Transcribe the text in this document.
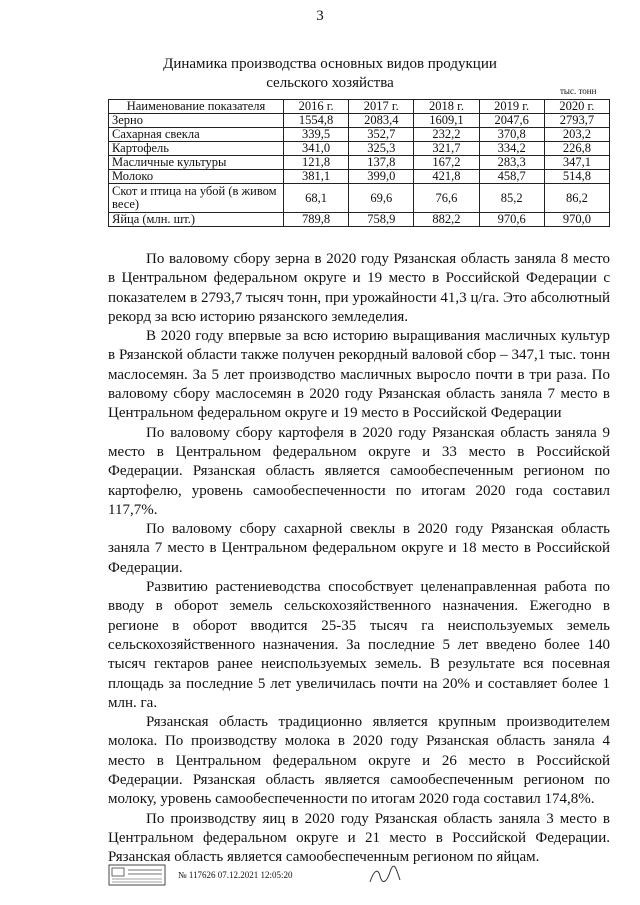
3
Динамика производства основных видов продукции
сельского хозяйства	тыс. тонн
Наименование показателя	2016 г.	2017 г.	2018 г.	2019 г.	2020 г.
Зерно	1554,8	2083,4	1609,1	2047,6	2793,7
Сахарная свекла	339,5	352,7	232,2	370,8	203,2
Картофель	341,0	325,3	321,7	334,2	226,8
Масличные культуры	121,8	137,8	167,2	283,3	347,1
Молоко	381,1	399,0	421,8	458,7	514,8
Скот и птица на убой (в живом весе)	68,1	69,6	76,6	85,2	86,2
Яйца (млн. шт.)	789,8	758,9	882,2	970,6	970,0

По валовому сбору зерна в 2020 году Рязанская область заняла 8 место в Центральном федеральном округе и 19 место в Российской Федерации с показателем в 2793,7 тысяч тонн, при урожайности 41,3 ц/га. Это абсолютный рекорд за всю историю рязанского земледелия.

В 2020 году впервые за всю историю выращивания масличных культур в Рязанской области также получен рекордный валовой сбор – 347,1 тыс. тонн маслосемян. За 5 лет производство масличных выросло почти в три раза. По валовому сбору маслосемян в 2020 году Рязанская область заняла 7 место в Центральном федеральном округе и 19 место в Российской Федерации

По валовому сбору картофеля в 2020 году Рязанская область заняла 9 место в Центральном федеральном округе и 33 место в Российской Федерации. Рязанская область является самообеспеченным регионом по картофелю, уровень самообеспеченности по итогам 2020 года составил 117,7%.

По валовому сбору сахарной свеклы в 2020 году Рязанская область заняла 7 место в Центральном федеральном округе и 18 место в Российской Федерации.

Развитию растениеводства способствует целенаправленная работа по вводу в оборот земель сельскохозяйственного назначения. Ежегодно в регионе в оборот вводится 25-35 тысяч га неиспользуемых земель сельскохозяйственного назначения. За последние 5 лет введено более 140 тысяч гектаров ранее неиспользуемых земель. В результате вся посевная площадь за последние 5 лет увеличилась почти на 20% и составляет более 1 млн. га.

Рязанская область традиционно является крупным производителем молока. По производству молока в 2020 году Рязанская область заняла 4 место в Центральном федеральном округе и 26 место в Российской Федерации. Рязанская область является самообеспеченным регионом по молоку, уровень самообеспеченности по итогам 2020 года составил 174,8%.

По производству яиц в 2020 году Рязанская область заняла 3 место в Центральном федеральном округе и 21 место в Российской Федерации. Рязанская область является самообеспеченным регионом по яйцам.

№ 117626 07.12.2021 12:05:20
